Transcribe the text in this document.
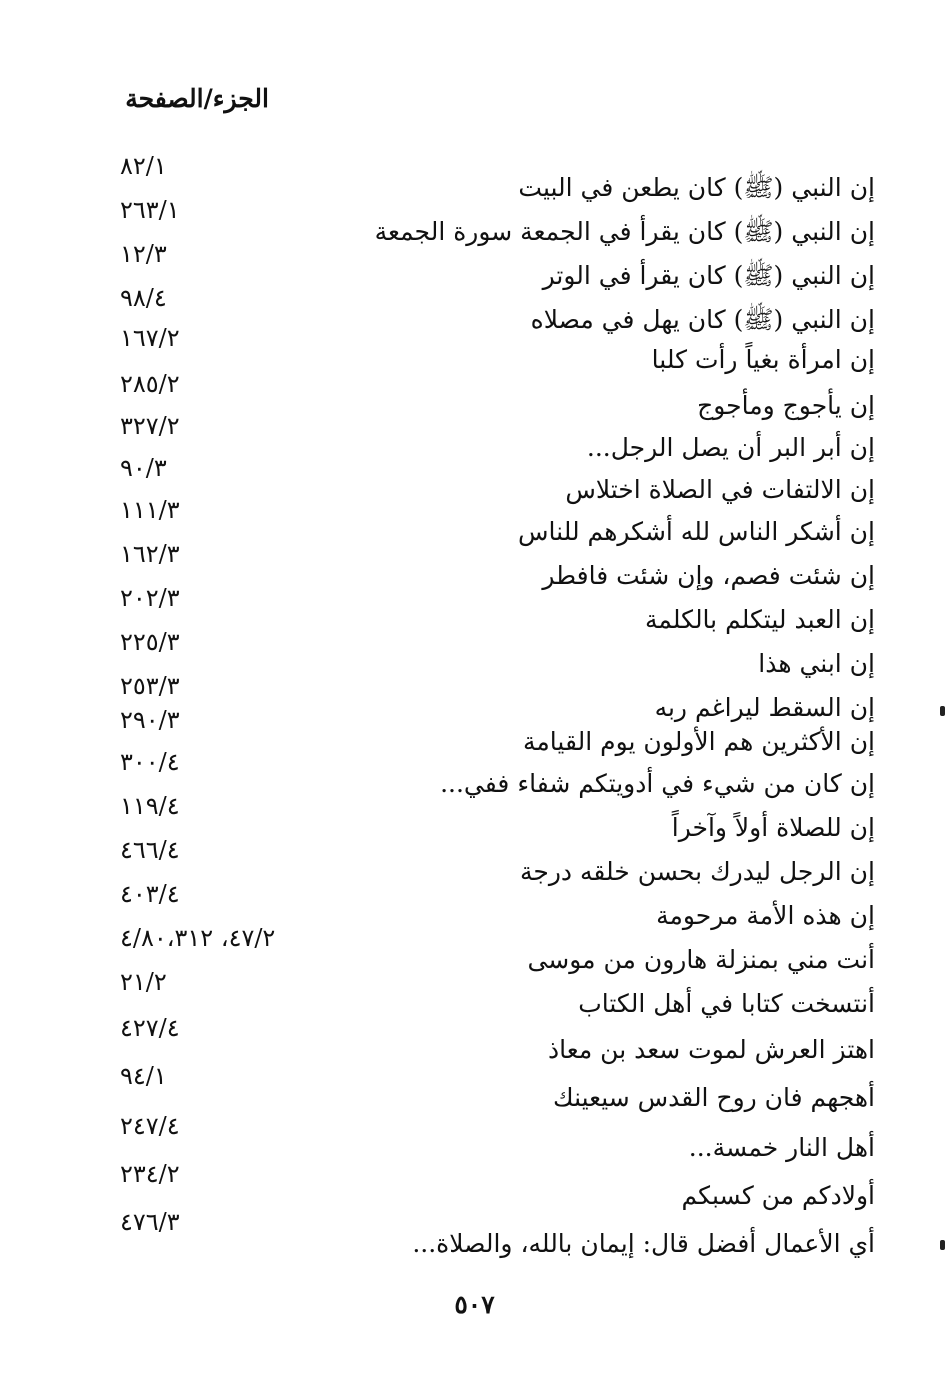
الجزء/الصفحة
إن النبي (ﷺ) كان يطعن في البيت
٨٢/١
إن النبي (ﷺ) كان يقرأ في الجمعة سورة الجمعة
٢٦٣/١
إن النبي (ﷺ) كان يقرأ في الوتر
١٢/٣
إن النبي (ﷺ) كان يهل في مصلاه
٩٨/٤
إن امرأة بغياً رأت كلبا
١٦٧/٢
إن يأجوج ومأجوج
٢٨٥/٢
إن أبر البر أن يصل الرجل...
٣٢٧/٢
إن الالتفات في الصلاة اختلاس
٩٠/٣
إن أشكر الناس لله أشكرهم للناس
١١١/٣
إن شئت فصم، وإن شئت فافطر
١٦٢/٣
إن العبد ليتكلم بالكلمة
٢٠٢/٣
إن ابني هذا
٢٢٥/٣
إن السقط ليراغم ربه
٢٥٣/٣
إن الأكثرين هم الأولون يوم القيامة
٢٩٠/٣
إن كان من شيء في أدويتكم شفاء ففي...
٣٠٠/٤
إن للصلاة أولاً وآخراً
١١٩/٤
إن الرجل ليدرك بحسن خلقه درجة
٤٦٦/٤
إن هذه الأمة مرحومة
٤٠٣/٤
أنت مني بمنزلة هارون من موسى
٤٧/٢، ٤/٨٠،٣١٢
أنتسخت كتابا في أهل الكتاب
٢١/٢
اهتز العرش لموت سعد بن معاذ
٤٢٧/٤
أهجهم فان روح القدس سيعينك
٩٤/١
أهل النار خمسة...
٢٤٧/٤
أولادكم من كسبكم
٢٣٤/٢
أي الأعمال أفضل قال: إيمان بالله، والصلاة...
٤٧٦/٣
٥٠٧
